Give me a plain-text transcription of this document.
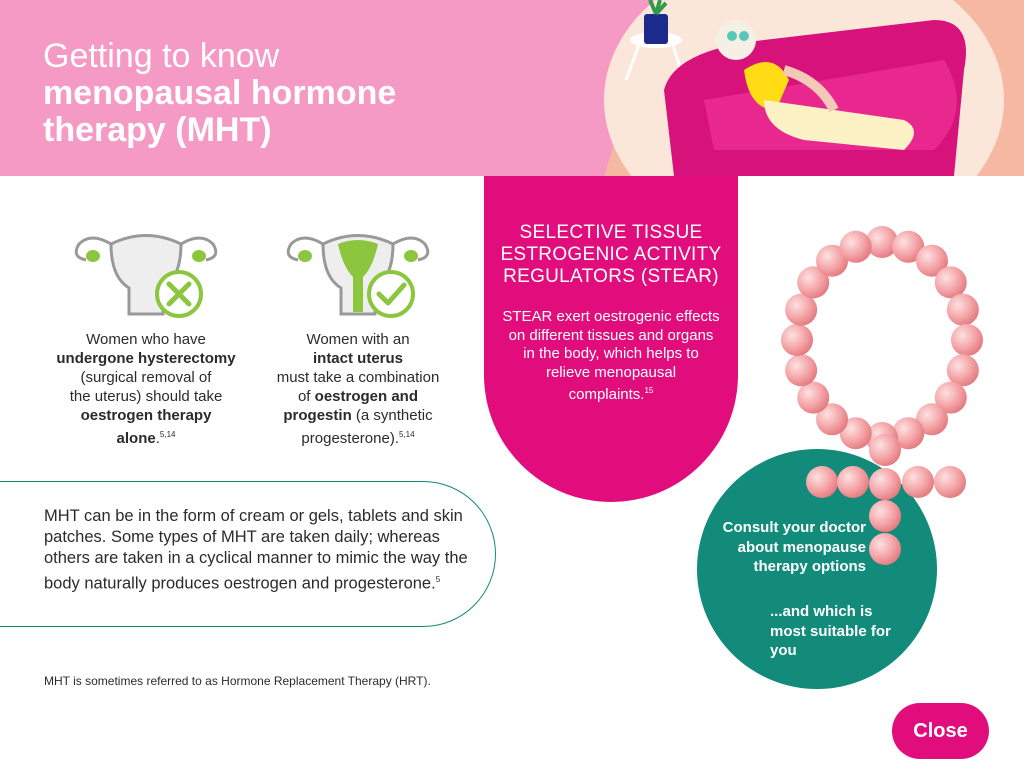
Getting to know
menopausal hormone
therapy (MHT)
Women who have
undergone hysterectomy
(surgical removal of
the uterus) should take
oestrogen therapy
alone.$^{5,14}$
Women with an
intact uterus
must take a combination
of oestrogen and
progestin (a synthetic
progesterone).$^{5,14}$
SELECTIVE TISSUE ESTROGENIC ACTIVITY REGULATORS (STEAR)
STEAR exert oestrogenic effects on different tissues and organs in the body, which helps to relieve menopausal complaints.$^{15}$
MHT can be in the form of cream or gels, tablets and skin patches. Some types of MHT are taken daily; whereas others are taken in a cyclical manner to mimic the way the body naturally produces oestrogen and progesterone.$^5$
MHT is sometimes referred to as Hormone Replacement Therapy (HRT).
Consult your doctor about menopause therapy options
...and which is most suitable for you
Close
